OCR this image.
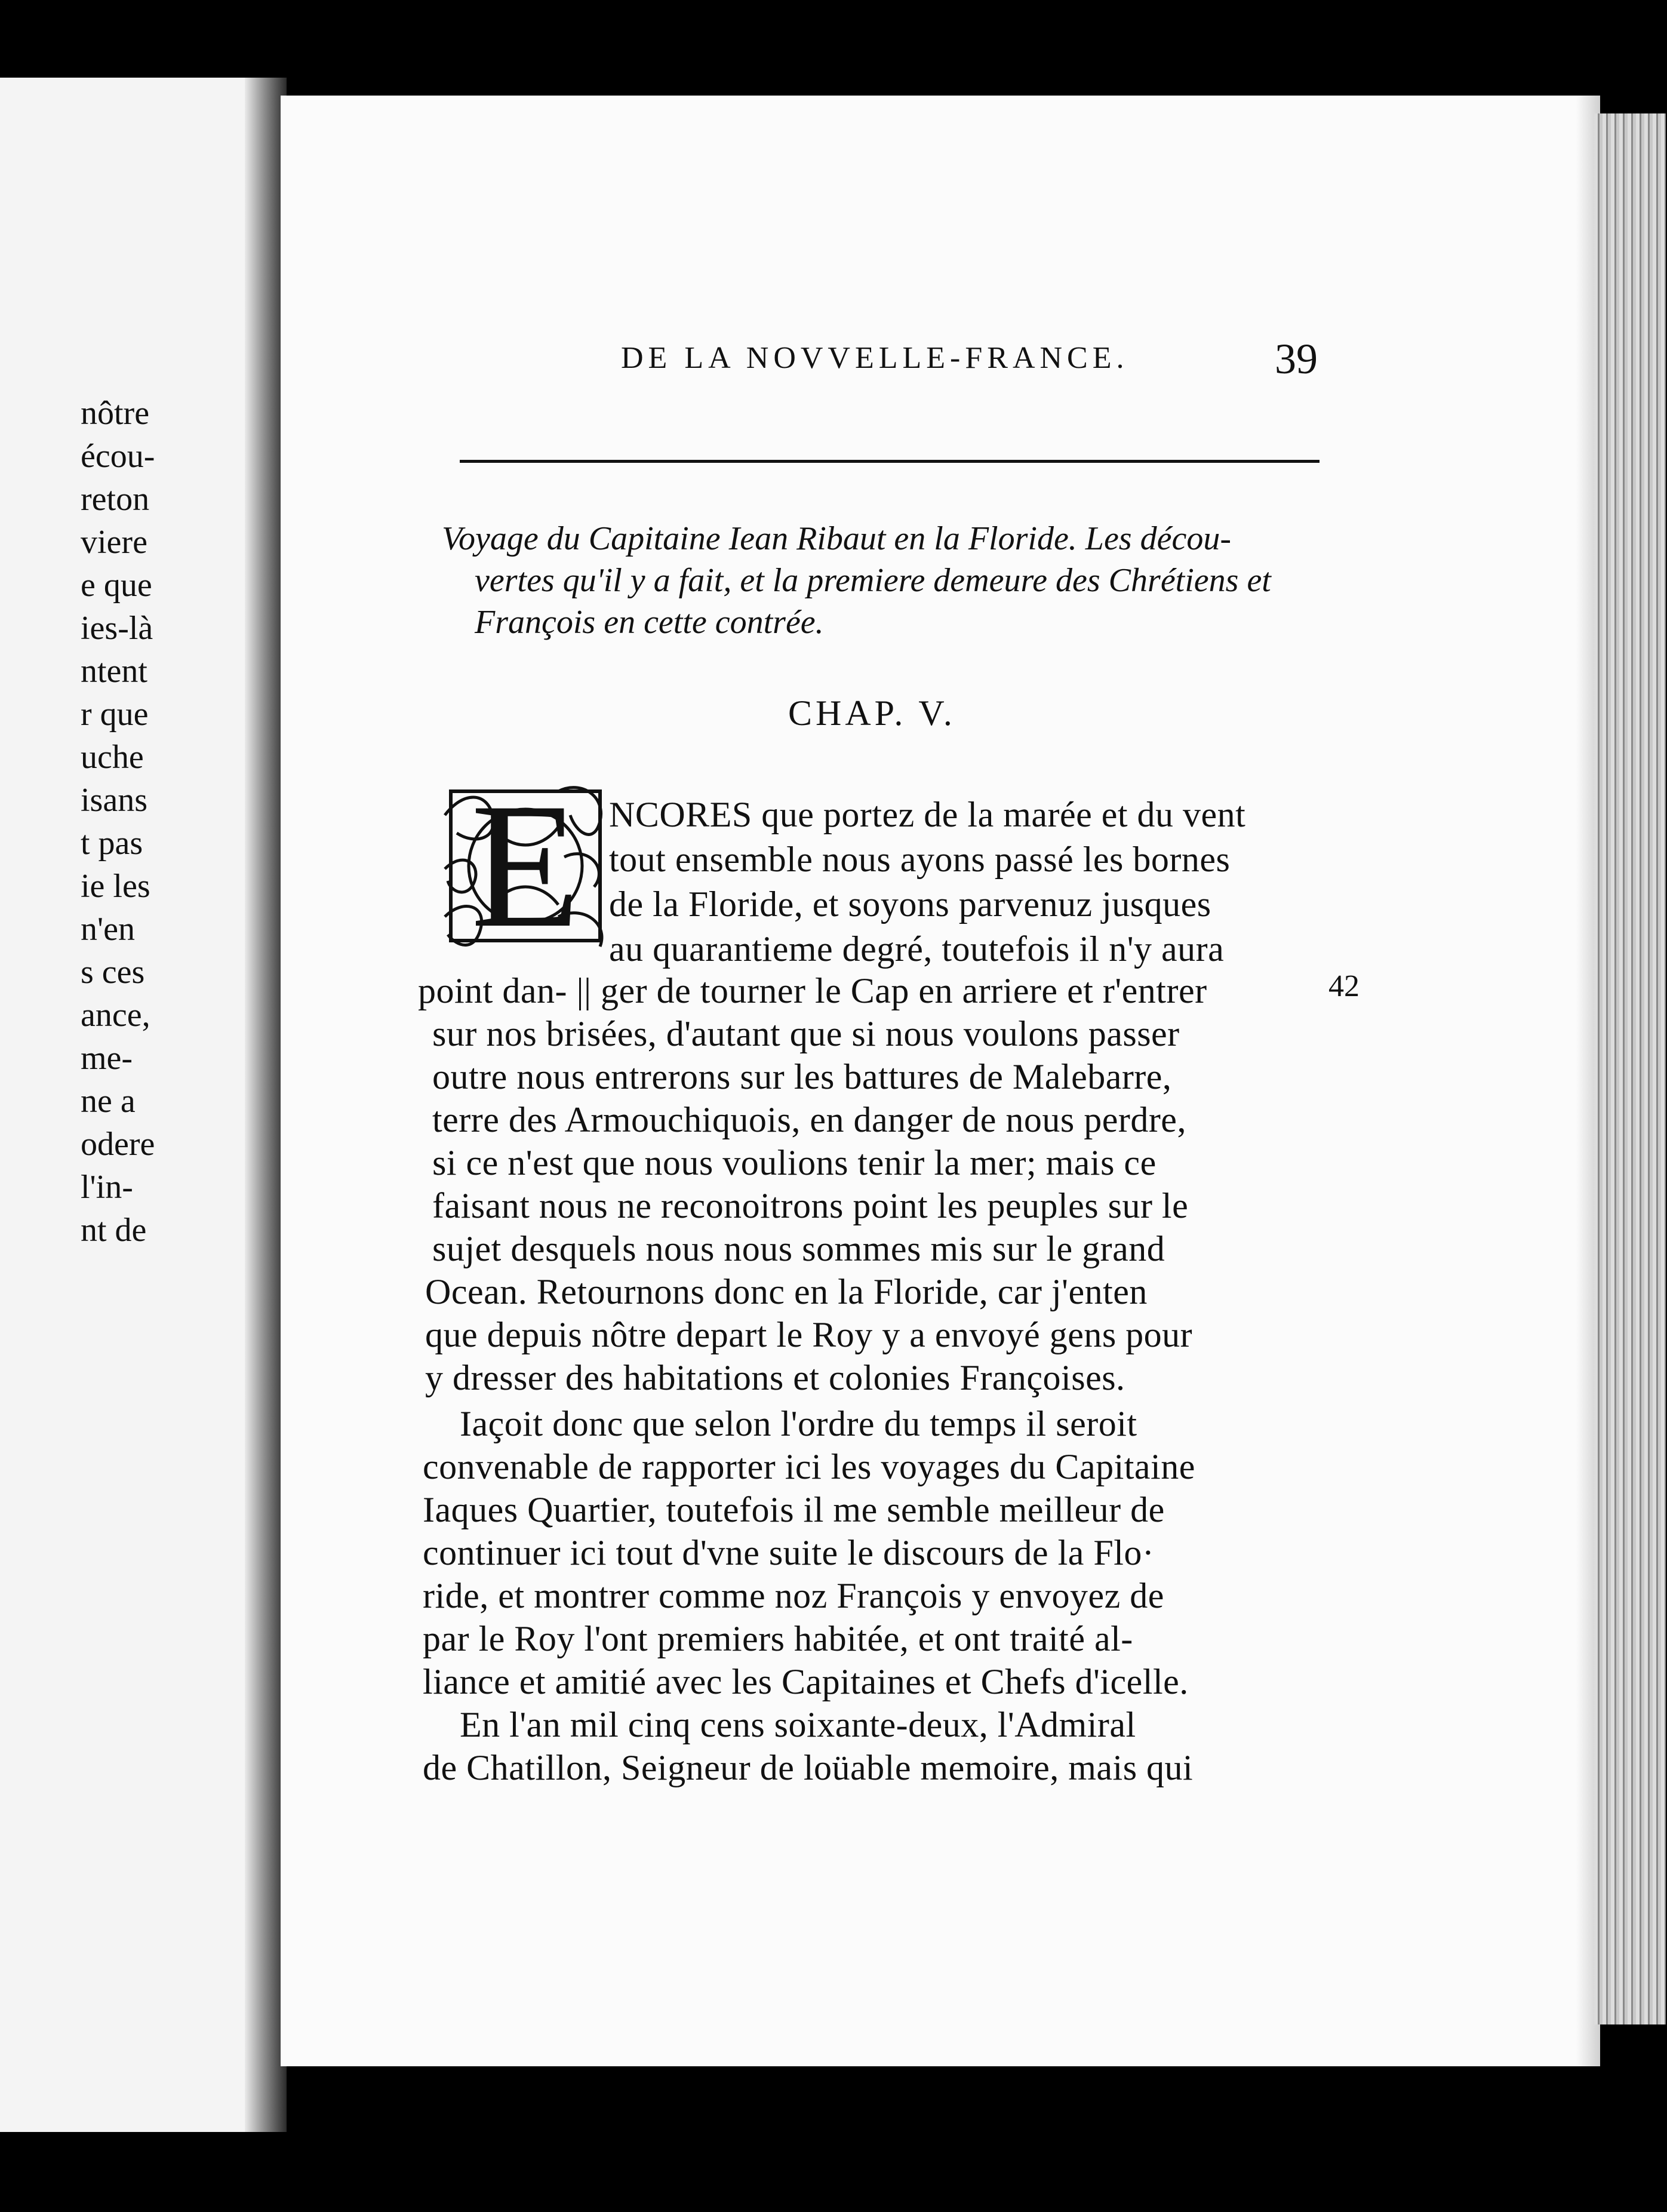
nôtre
écou-
reton
viere
e que
ies-là
ntent
r que
uche
isans
t pas
ie les
n'en
s ces
ance,
me-
ne a
odere
l'in-
nt de
DE LA NOVVELLE-FRANCE.	39
Voyage du Capitaine Iean Ribaut en la Floride. Les décou-
vertes qu'il y a fait, et la premiere demeure des Chrétiens et
François en cette contrée.
CHAP. V.
E NCORES que portez de la marée et du vent
tout ensemble nous ayons passé les bornes
de la Floride, et soyons parvenuz jusques
au quarantieme degré, toutefois il n'y aura
point dan- || ger de tourner le Cap en arriere et r'entrer
sur nos brisées, d'autant que si nous voulons passer
outre nous entrerons sur les battures de Malebarre,
terre des Armouchiquois, en danger de nous perdre,
si ce n'est que nous voulions tenir la mer; mais ce
faisant nous ne reconoitrons point les peuples sur le
sujet desquels nous nous sommes mis sur le grand
Ocean. Retournons donc en la Floride, car j'enten
que depuis nôtre depart le Roy y a envoyé gens pour
y dresser des habitations et colonies Françoises.
Iaçoit donc que selon l'ordre du temps il seroit
convenable de rapporter ici les voyages du Capitaine
Iaques Quartier, toutefois il me semble meilleur de
continuer ici tout d'vne suite le discours de la Flo·
ride, et montrer comme noz François y envoyez de
par le Roy l'ont premiers habitée, et ont traité al-
liance et amitié avec les Capitaines et Chefs d'icelle.
En l'an mil cinq cens soixante-deux, l'Admiral
de Chatillon, Seigneur de loüable memoire, mais qui
42
